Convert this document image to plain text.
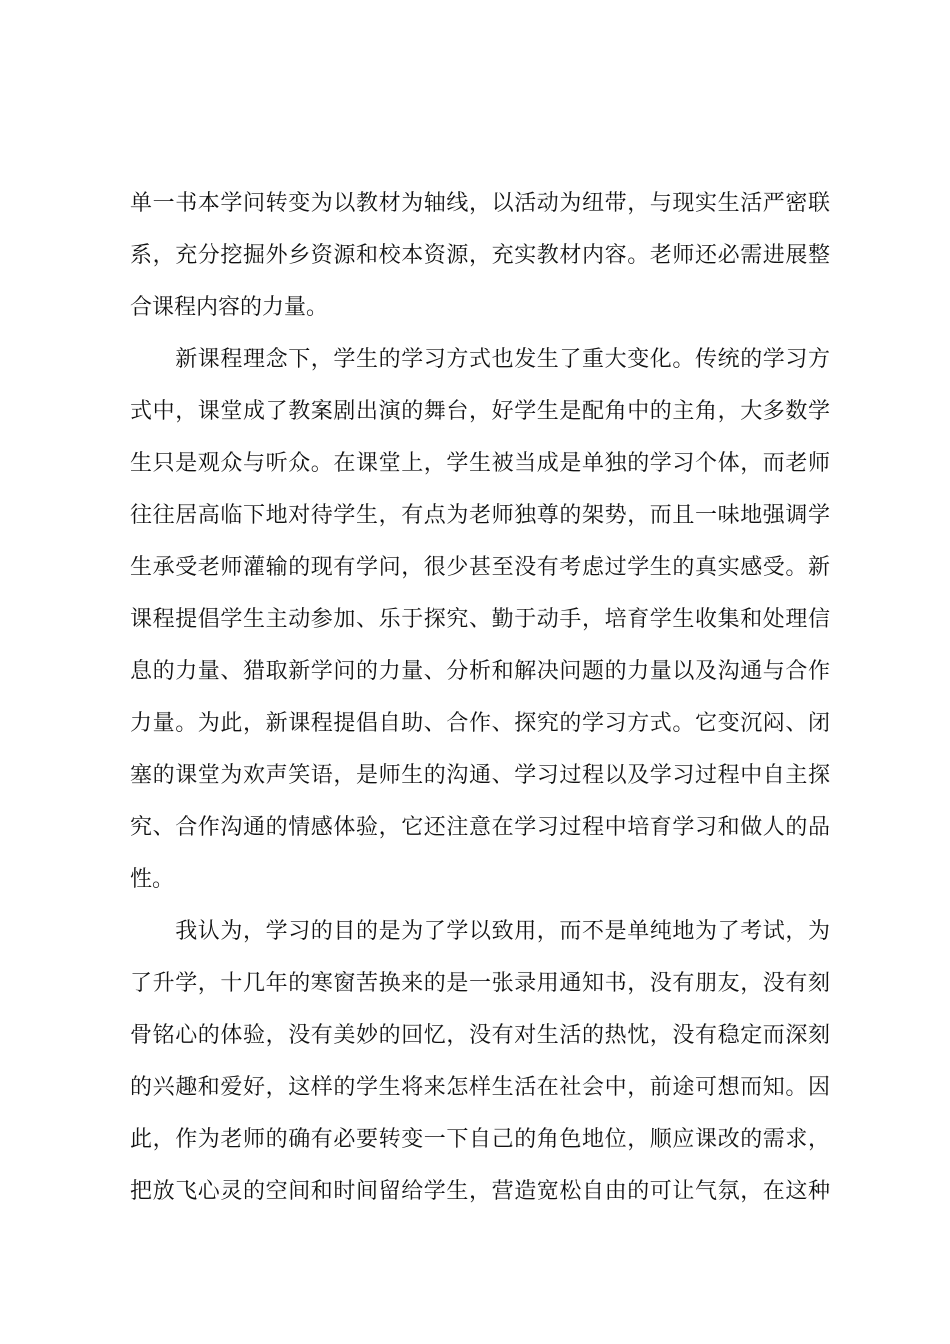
单一书本学问转变为以教材为轴线，以活动为纽带，与现实生活严密联

系，充分挖掘外乡资源和校本资源，充实教材内容。老师还必需进展整

合课程内容的力量。

　　新课程理念下，学生的学习方式也发生了重大变化。传统的学习方

式中，课堂成了教案剧出演的舞台，好学生是配角中的主角，大多数学

生只是观众与听众。在课堂上，学生被当成是单独的学习个体，而老师

往往居高临下地对待学生，有点为老师独尊的架势，而且一味地强调学

生承受老师灌输的现有学问，很少甚至没有考虑过学生的真实感受。新

课程提倡学生主动参加、乐于探究、勤于动手，培育学生收集和处理信

息的力量、猎取新学问的力量、分析和解决问题的力量以及沟通与合作

力量。为此，新课程提倡自助、合作、探究的学习方式。它变沉闷、闭

塞的课堂为欢声笑语，是师生的沟通、学习过程以及学习过程中自主探

究、合作沟通的情感体验，它还注意在学习过程中培育学习和做人的品

性。

　　我认为，学习的目的是为了学以致用，而不是单纯地为了考试，为

了升学，十几年的寒窗苦换来的是一张录用通知书，没有朋友，没有刻

骨铭心的体验，没有美妙的回忆，没有对生活的热忱，没有稳定而深刻

的兴趣和爱好，这样的学生将来怎样生活在社会中，前途可想而知。因

此，作为老师的确有必要转变一下自己的角色地位，顺应课改的需求，

把放飞心灵的空间和时间留给学生，营造宽松自由的可让气氛，在这种
